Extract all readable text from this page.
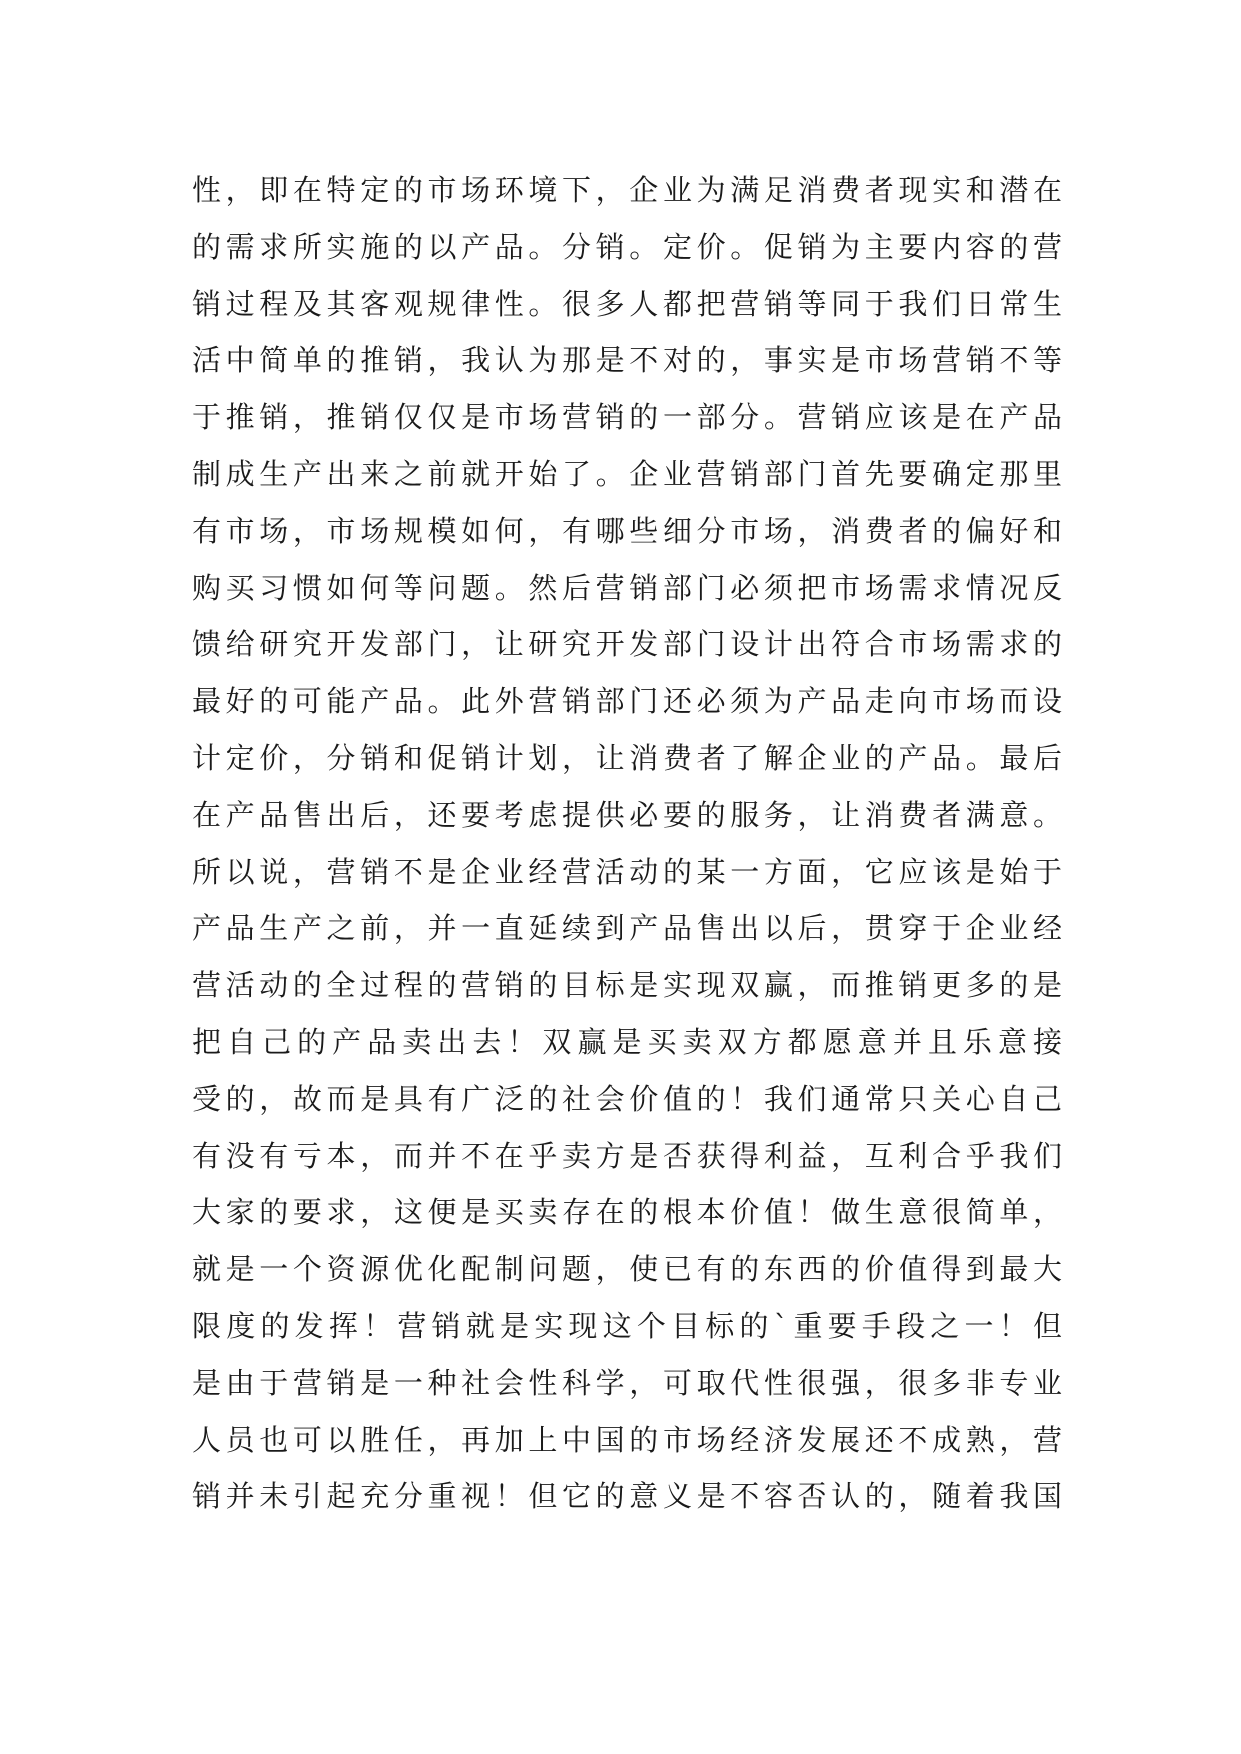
性，即在特定的市场环境下，企业为满足消费者现实和潜在
的需求所实施的以产品。分销。定价。促销为主要内容的营
销过程及其客观规律性。很多人都把营销等同于我们日常生
活中简单的推销，我认为那是不对的，事实是市场营销不等
于推销，推销仅仅是市场营销的一部分。营销应该是在产品
制成生产出来之前就开始了。企业营销部门首先要确定那里
有市场，市场规模如何，有哪些细分市场，消费者的偏好和
购买习惯如何等问题。然后营销部门必须把市场需求情况反
馈给研究开发部门，让研究开发部门设计出符合市场需求的
最好的可能产品。此外营销部门还必须为产品走向市场而设
计定价，分销和促销计划，让消费者了解企业的产品。最后
在产品售出后，还要考虑提供必要的服务，让消费者满意。
所以说，营销不是企业经营活动的某一方面，它应该是始于
产品生产之前，并一直延续到产品售出以后，贯穿于企业经
营活动的全过程的营销的目标是实现双赢，而推销更多的是
把自己的产品卖出去！双赢是买卖双方都愿意并且乐意接
受的，故而是具有广泛的社会价值的！我们通常只关心自己
有没有亏本，而并不在乎卖方是否获得利益，互利合乎我们
大家的要求，这便是买卖存在的根本价值！做生意很简单，
就是一个资源优化配制问题，使已有的东西的价值得到最大
限度的发挥！营销就是实现这个目标的`重要手段之一！但
是由于营销是一种社会性科学，可取代性很强，很多非专业
人员也可以胜任，再加上中国的市场经济发展还不成熟，营
销并未引起充分重视！但它的意义是不容否认的，随着我国
